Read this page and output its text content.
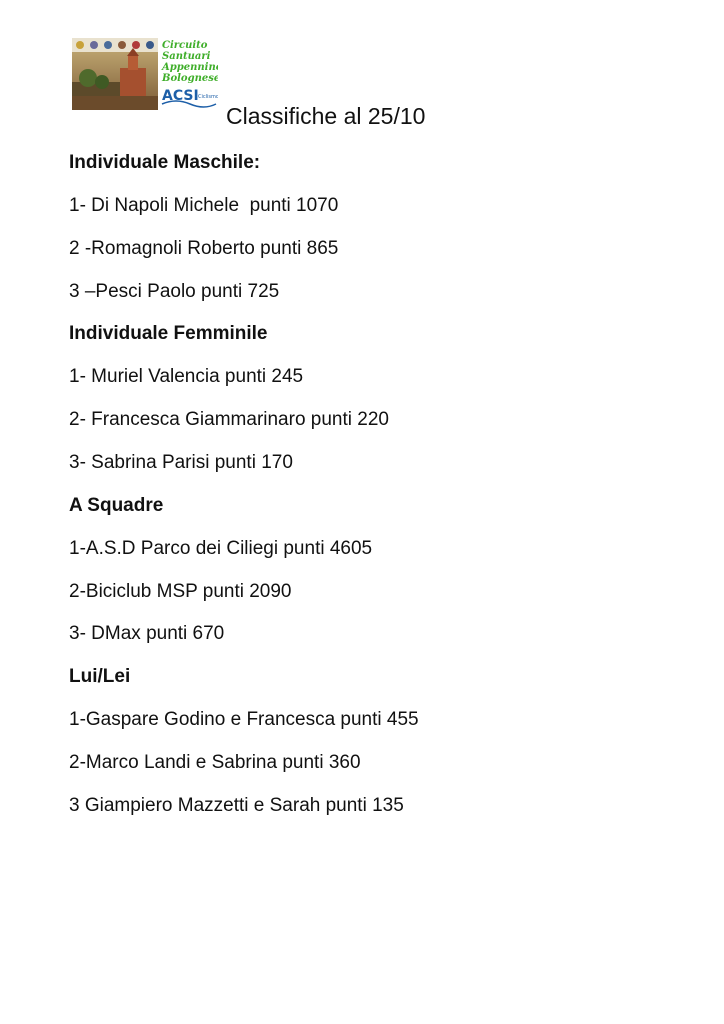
Circuito
Santuari
Appennino
Bolognese
ACSI Ciclismo
Classifiche al 25/10
Individuale Maschile:
1- Di Napoli Michele  punti 1070
2 -Romagnoli Roberto punti 865
3 –Pesci Paolo punti 725
Individuale Femminile
1- Muriel Valencia punti 245
2- Francesca Giammarinaro punti 220
3- Sabrina Parisi punti 170
A Squadre
1-A.S.D Parco dei Ciliegi punti 4605
2-Biciclub MSP punti 2090
3- DMax punti 670
Lui/Lei
1-Gaspare Godino e Francesca punti 455
2-Marco Landi e Sabrina punti 360
3 Giampiero Mazzetti e Sarah punti 135
